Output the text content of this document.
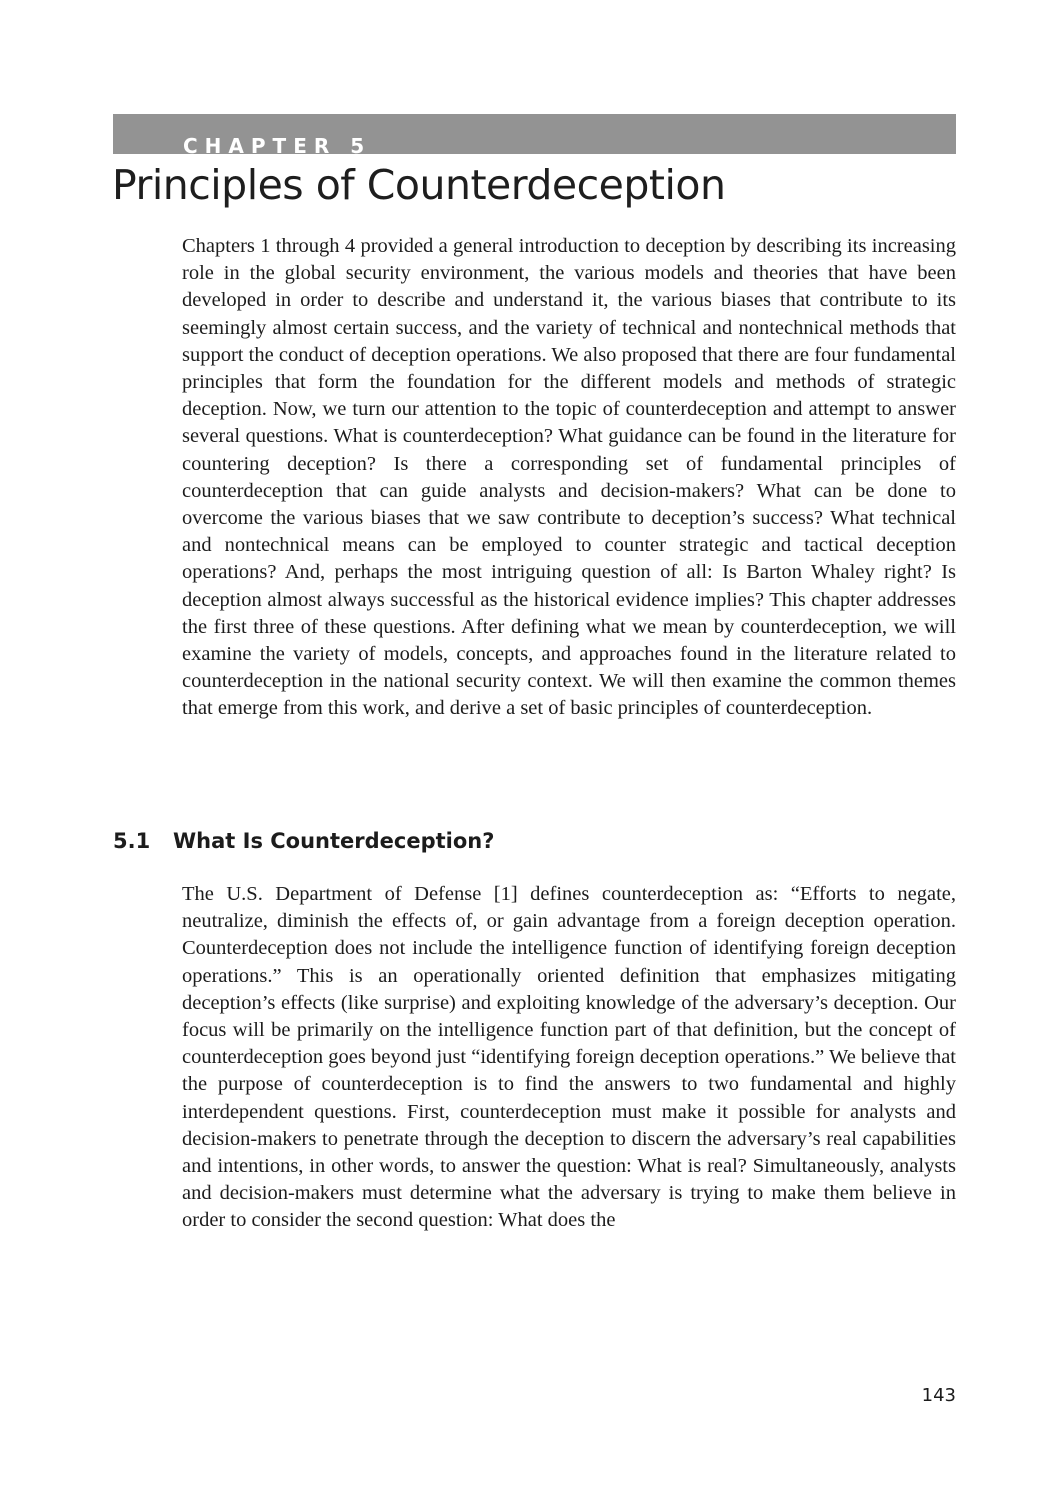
CHAPTER 5
Principles of Counterdeception

Chapters 1 through 4 provided a general introduction to deception by describing its increasing role in the global security environment, the various models and theories that have been developed in order to describe and understand it, the various biases that contribute to its seemingly almost certain success, and the variety of technical and nontechnical methods that support the conduct of deception operations. We also proposed that there are four fundamental principles that form the foundation for the different models and methods of strategic deception. Now, we turn our attention to the topic of counterdeception and attempt to answer several questions. What is counterdeception? What guidance can be found in the literature for countering deception? Is there a corresponding set of fundamental principles of counterdeception that can guide analysts and decision-makers? What can be done to overcome the various biases that we saw contribute to deception’s success? What technical and nontechnical means can be employed to counter strategic and tactical deception operations? And, perhaps the most intriguing question of all: Is Barton Whaley right? Is deception almost always successful as the historical evidence implies? This chapter addresses the first three of these questions. After defining what we mean by counterdeception, we will examine the variety of models, concepts, and approaches found in the literature related to counterdeception in the national security context. We will then examine the common themes that emerge from this work, and derive a set of basic principles of counterdeception.

5.1 What Is Counterdeception?

The U.S. Department of Defense [1] defines counterdeception as: “Efforts to negate, neutralize, diminish the effects of, or gain advantage from a foreign deception operation. Counterdeception does not include the intelligence function of identifying foreign deception operations.” This is an operationally oriented definition that emphasizes mitigating deception’s effects (like surprise) and exploiting knowledge of the adversary’s deception. Our focus will be primarily on the intelligence function part of that definition, but the concept of counterdeception goes beyond just “identifying foreign deception operations.” We believe that the purpose of counterdeception is to find the answers to two fundamental and highly interdependent questions. First, counterdeception must make it possible for analysts and decision-makers to penetrate through the deception to discern the adversary’s real capabilities and intentions, in other words, to answer the question: What is real? Simultaneously, analysts and decision-makers must determine what the adversary is trying to make them believe in order to consider the second question: What does the

143
